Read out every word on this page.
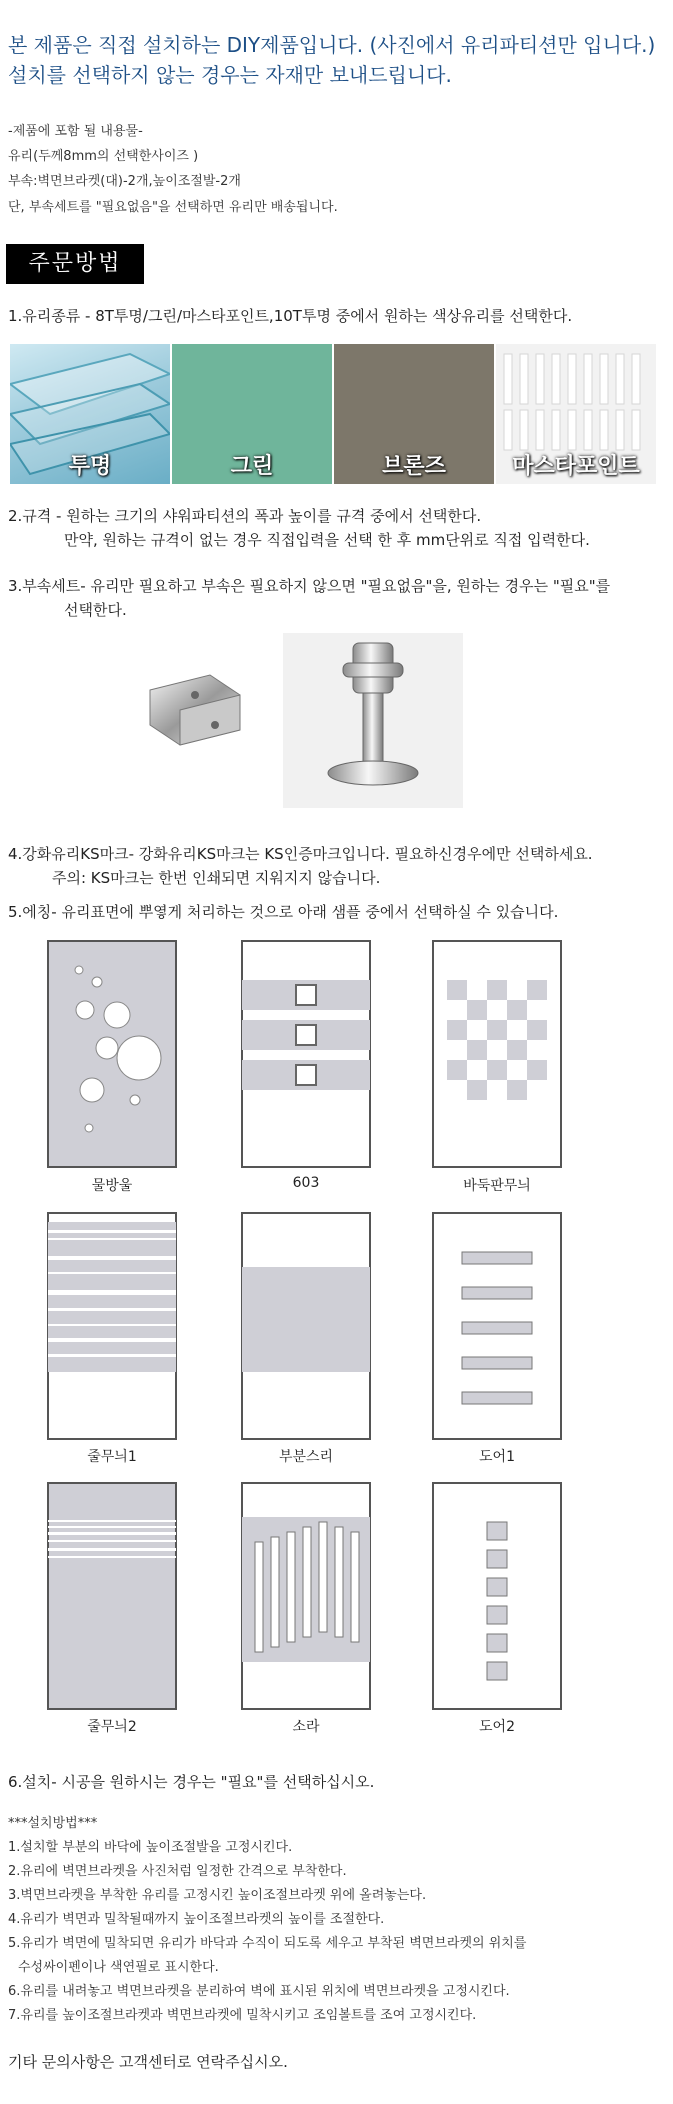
본 제품은 직접 설치하는 DIY제품입니다. (사진에서 유리파티션만 입니다.)
설치를 선택하지 않는 경우는 자재만 보내드립니다.
-제품에 포함 될 내용물-
유리(두께8mm의 선택한사이즈 )
부속:벽면브라켓(대)-2개,높이조절발-2개
단, 부속세트를 "필요없음"을 선택하면 유리만 배송됩니다.
주문방법
1.유리종류 - 8T투명/그린/마스타포인트,10T투명 중에서 원하는 색상유리를 선택한다.
투명	그린	브론즈	마스타포인트
2.규격 - 원하는 크기의 샤워파티션의 폭과 높이를 규격 중에서 선택한다.
만약, 원하는 규격이 없는 경우 직접입력을 선택 한 후 mm단위로 직접 입력한다.
3.부속세트- 유리만 필요하고 부속은 필요하지 않으면 "필요없음"을, 원하는 경우는 "필요"를
선택한다.
4.강화유리KS마크- 강화유리KS마크는 KS인증마크입니다. 필요하신경우에만 선택하세요.
주의: KS마크는 한번 인쇄되면 지워지지 않습니다.
5.에칭- 유리표면에 뿌옇게 처리하는 것으로 아래 샘플 중에서 선택하실 수 있습니다.
물방울	603	바둑판무늬
줄무늬1	부분스리	도어1
줄무늬2	소라	도어2
6.설치- 시공을 원하시는 경우는 "필요"를 선택하십시오.
***설치방법***
1.설치할 부분의 바닥에 높이조절발을 고정시킨다.
2.유리에 벽면브라켓을 사진처럼 일정한 간격으로 부착한다.
3.벽면브라켓을 부착한 유리를 고정시킨 높이조절브라켓 위에 올려놓는다.
4.유리가 벽면과 밀착될때까지 높이조절브라켓의 높이를 조절한다.
5.유리가 벽면에 밀착되면 유리가 바닥과 수직이 되도록 세우고 부착된 벽면브라켓의 위치를
수성싸이펜이나 색연필로 표시한다.
6.유리를 내려놓고 벽면브라켓을 분리하여 벽에 표시된 위치에 벽면브라켓을 고정시킨다.
7.유리를 높이조절브라켓과 벽면브라켓에 밀착시키고 조임볼트를 조여 고정시킨다.
기타 문의사항은 고객센터로 연락주십시오.
